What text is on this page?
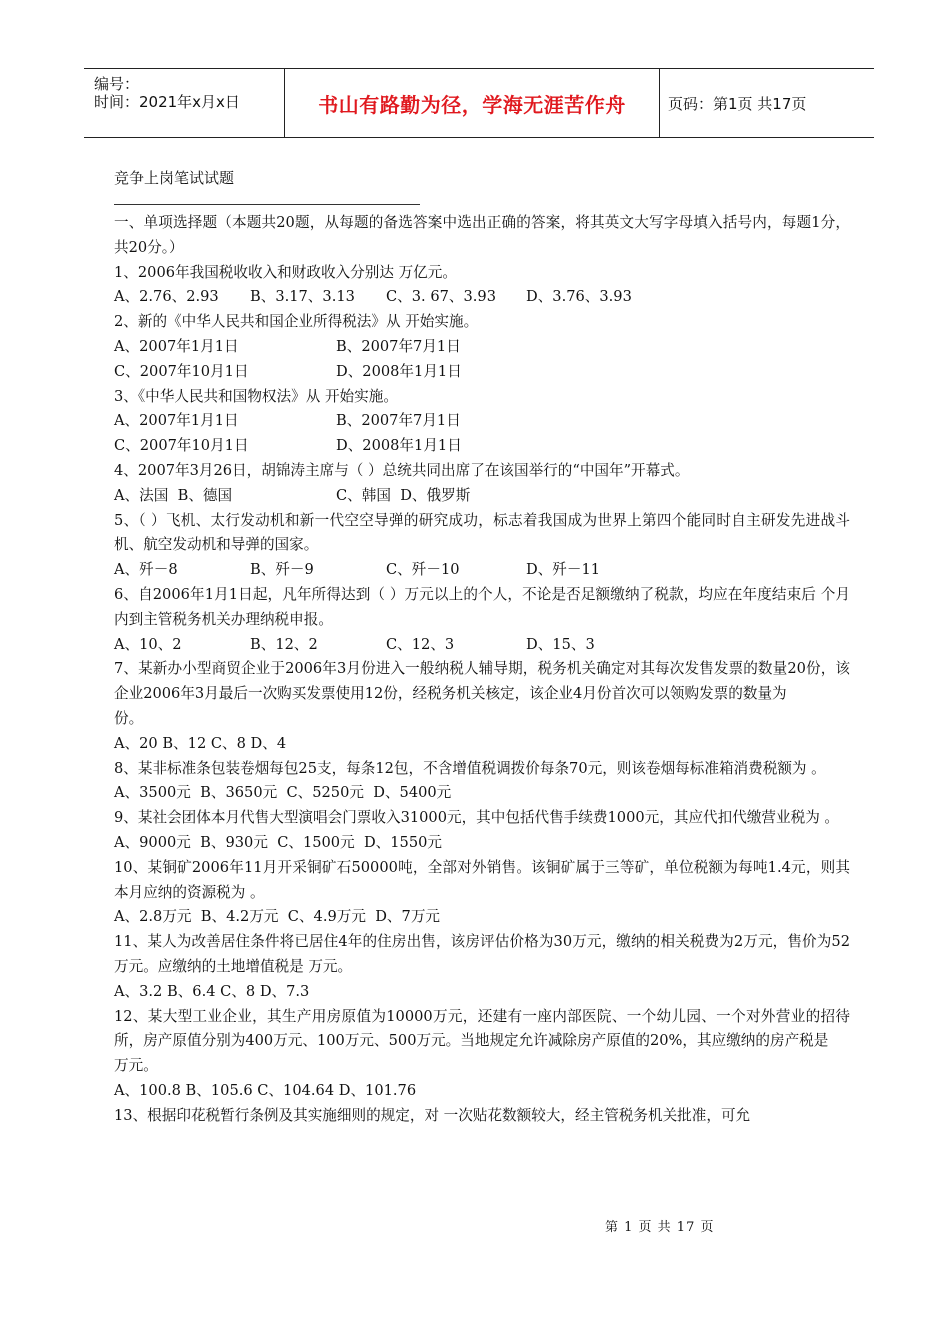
编号：
时间：2021年x月x日	书山有路勤为径，学海无涯苦作舟	页码：第1页 共17页
竞争上岗笔试试题

一、单项选择题（本题共20题，从每题的备选答案中选出正确的答案，将其英文大写字母填入括号内，每题1分，共20分。）

1、2006年我国税收收入和财政收入分别达 万亿元。

A、2.76、2.93	B、3.17、3.13	C、3. 67、3.93	D、3.76、3.93

2、新的《中华人民共和国企业所得税法》从 开始实施。

A、2007年1月1日	B、2007年7月1日
C、2007年10月1日	D、2008年1月1日

3、《中华人民共和国物权法》从 开始实施。

A、2007年1月1日	B、2007年7月1日
C、2007年10月1日	D、2008年1月1日

4、2007年3月26日，胡锦涛主席与（ ）总统共同出席了在该国举行的“中国年”开幕式。

A、法国  B、德国	C、韩国  D、俄罗斯

5、（ ）飞机、太行发动机和新一代空空导弹的研究成功，标志着我国成为世界上第四个能同时自主研发先进战斗机、航空发动机和导弹的国家。

A、歼－8	B、歼－9	C、歼－10	D、歼－11

6、自2006年1月1日起，凡年所得达到（ ）万元以上的个人，不论是否足额缴纳了税款，均应在年度结束后 个月内到主管税务机关办理纳税申报。

A、10、2	B、12、2	C、12、3	D、15、3

7、某新办小型商贸企业于2006年3月份进入一般纳税人辅导期，税务机关确定对其每次发售发票的数量20份，该企业2006年3月最后一次购买发票使用12份，经税务机关核定，该企业4月份首次可以领购发票的数量为

份。

A、20 B、12 C、8 D、4

8、某非标准条包装卷烟每包25支，每条12包，不含增值税调拨价每条70元，则该卷烟每标准箱消费税额为 。

A、3500元  B、3650元  C、5250元  D、5400元

9、某社会团体本月代售大型演唱会门票收入31000元，其中包括代售手续费1000元，其应代扣代缴营业税为 。

A、9000元  B、930元  C、1500元  D、1550元

10、某铜矿2006年11月开采铜矿石50000吨，全部对外销售。该铜矿属于三等矿，单位税额为每吨1.4元，则其本月应纳的资源税为 。

A、2.8万元  B、4.2万元  C、4.9万元  D、7万元

11、某人为改善居住条件将已居住4年的住房出售，该房评估价格为30万元，缴纳的相关税费为2万元，售价为52万元。应缴纳的土地增值税是 万元。

A、3.2 B、6.4 C、8 D、7.3

12、某大型工业企业，其生产用房原值为10000万元，还建有一座内部医院、一个幼儿园、一个对外营业的招待所，房产原值分别为400万元、100万元、500万元。当地规定允许减除房产原值的20%，其应缴纳的房产税是

万元。

A、100.8 B、105.6 C、104.64 D、101.76

13、根据印花税暂行条例及其实施细则的规定，对 一次贴花数额较大，经主管税务机关批准，可允

第 1 页 共 17 页
